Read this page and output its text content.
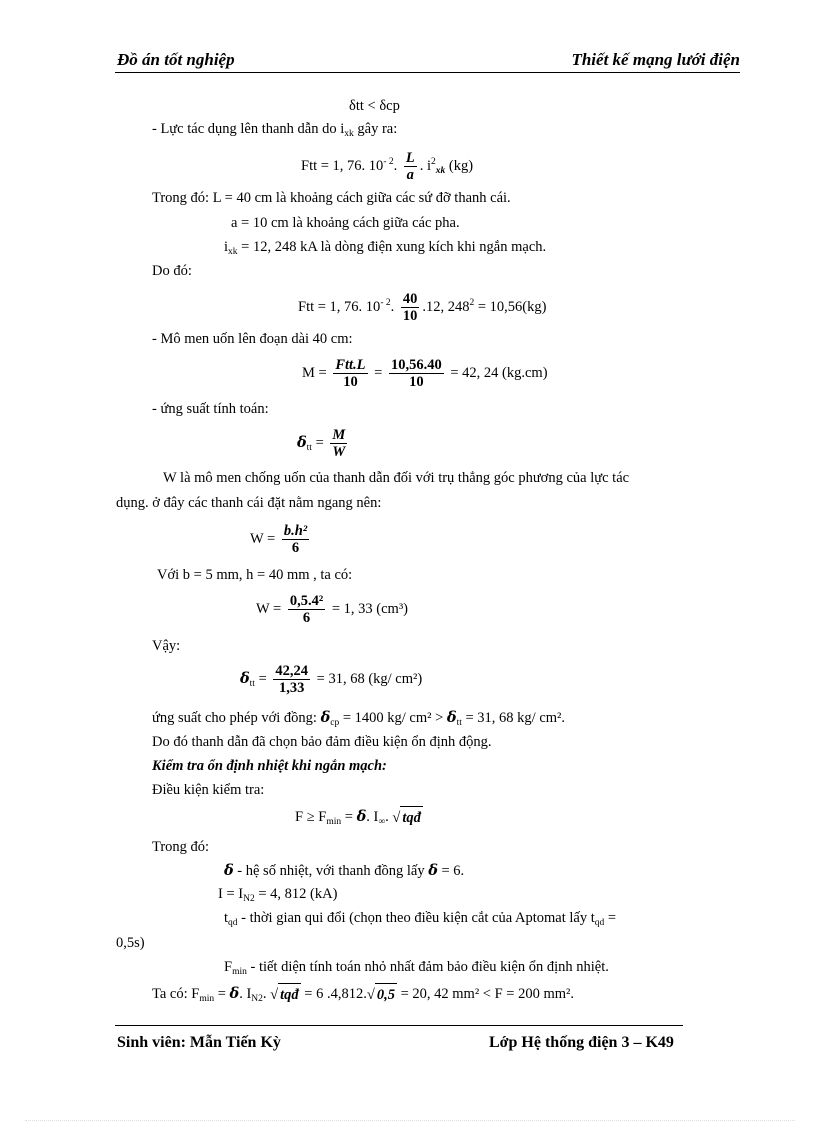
Đồ án tốt nghiệp	Thiết kế mạng lưới điện
δtt < δcp
- Lực tác dụng lên thanh dẫn do $i_{xk}$ gây ra:
Ftt = 1, 76. $10^{- 2}$. $\frac{L}{a}$ . $i^2_{xk}$ (kg)
Trong đó: L = 40 cm là khoảng cách giữa các sứ đỡ thanh cái.
a = 10 cm là khoảng cách giữa các pha.
$i_{xk} = 12$, 248 kA là dòng điện xung kích khi ngắn mạch.
Do đó:
Ftt = 1, 76. $10^{- 2}$. $\frac{40}{10} .12$, $248^2 = 10,56(kg)$
- Mô men uốn lên đoạn dài 40 cm:
$M = \frac{\text{Ftt.L}}{10} = \frac{10,56.40}{10} = 42$, 24 (kg.cm)
- ứng suất tính toán:
$\delta_{tt} = \frac{M}{W}$
W là mô men chống uốn của thanh dẫn đối với trụ thẳng góc phương của lực tác
dụng. ở đây các thanh cái đặt nằm ngang nên:
$W = \frac{\text{b.h²}}{6}$
Với b = 5 mm, h = 40 mm , ta có:
$W = \frac{\text{0,5.4²}}{6} = 1$, 33 (cm³)
Vậy:
$\delta_{tt} = \frac{42,24}{1,33} = 31$, 68 (kg/ cm²)
ứng suất cho phép với đồng: $\delta_{cp} = 1400$ kg/ $cm^2 > \delta_{tt} = 31$, 68 kg/ cm².
Do đó thanh dẫn đã chọn bảo đảm điều kiện ổn định động.
Kiểm tra ổn định nhiệt khi ngắn mạch:
Điều kiện kiểm tra:
$F \ge F_{min} = \delta$. $I_\infty$. √ tqđ
Trong đó:
δ - hệ số nhiệt, với thanh đồng lấy δ = 6.
$I = I_{N2} = 4$, 812 (kA)
$t_{qd}$ - thời gian qui đổi (chọn theo điều kiện cắt của Aptomat lấy $t_{qd}$ =
0,5s)
$F_{min}$ - tiết diện tính toán nhỏ nhất đảm bảo điều kiện ổn định nhiệt.
Ta có: $F_{min} = \delta$. $I_{N2}$. √ tqđ = 6 .4,812.√ 0,5 = 20, 42 mm² < F = 200 mm².
Sinh viên: Mẫn Tiến Kỳ	Lớp Hệ thống điện 3 – K49
